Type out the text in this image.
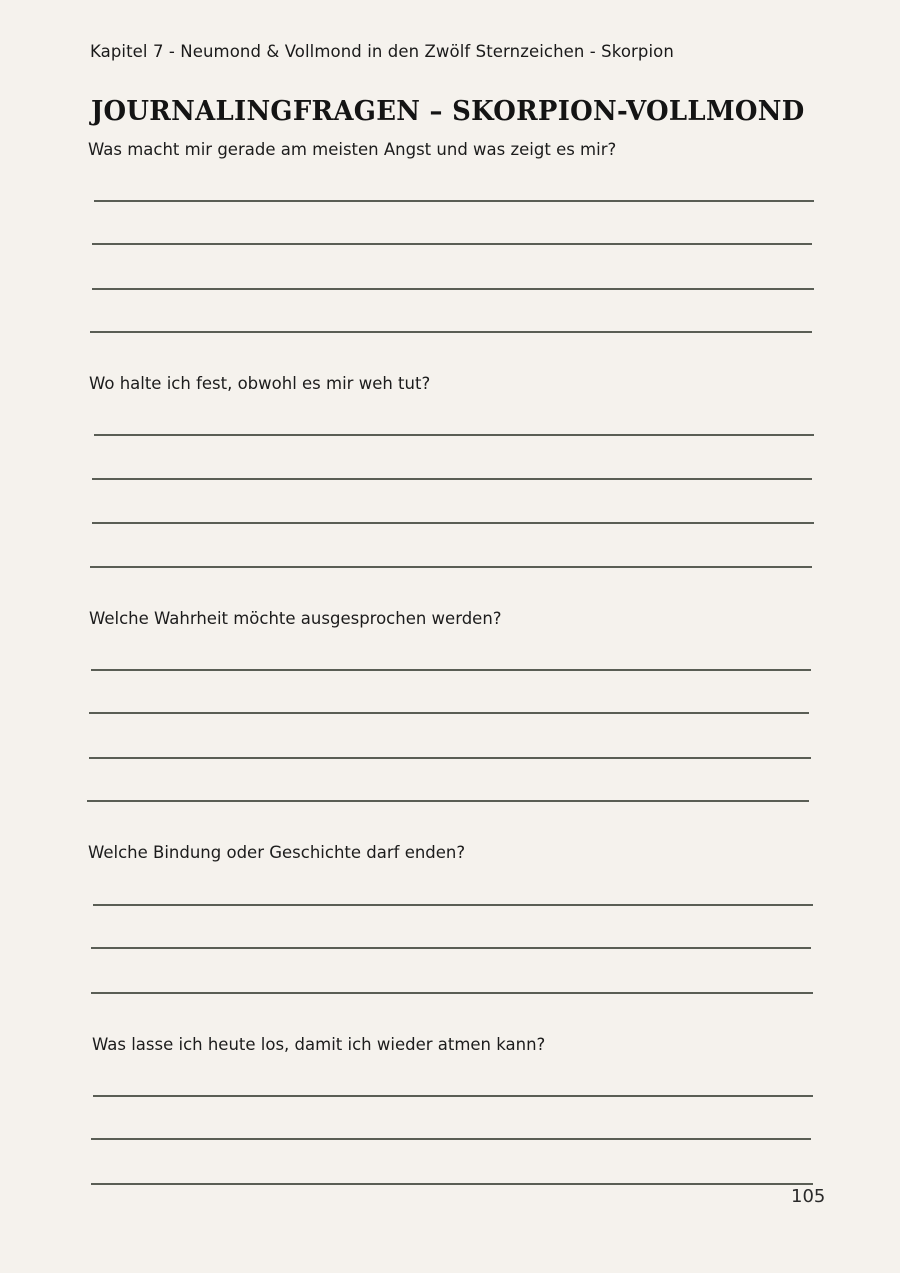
Kapitel 7 - Neumond & Vollmond in den Zwölf Sternzeichen - Skorpion
JOURNALINGFRAGEN – SKORPION-VOLLMOND

Was macht mir gerade am meisten Angst und was zeigt es mir?

Wo halte ich fest, obwohl es mir weh tut?

Welche Wahrheit möchte ausgesprochen werden?

Welche Bindung oder Geschichte darf enden?

Was lasse ich heute los, damit ich wieder atmen kann?

105
